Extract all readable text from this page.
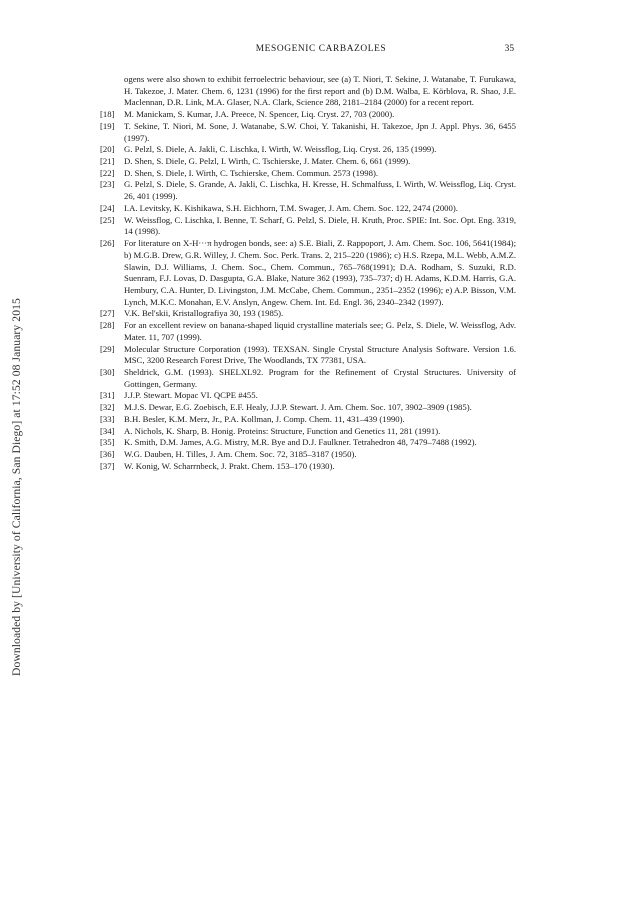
MESOGENIC CARBAZOLES	35
Downloaded by [University of California, San Diego] at 17:52 08 January 2015
ogens were also shown to exhibit ferroelectric behaviour, see (a) T. Niori, T. Sekine, J. Watanabe, T. Furukawa, H. Takezoe, J. Mater. Chem. 6, 1231 (1996) for the first report and (b) D.M. Walba, E. Körblova, R. Shao, J.E. Maclennan, D.R. Link, M.A. Glaser, N.A. Clark, Science 288, 2181–2184 (2000) for a recent report.
[18] M. Manickam, S. Kumar, J.A. Preece, N. Spencer, Liq. Cryst. 27, 703 (2000).
[19] T. Sekine, T. Niori, M. Sone, J. Watanabe, S.W. Choi, Y. Takanishi, H. Takezoe, Jpn J. Appl. Phys. 36, 6455 (1997).
[20] G. Pelzl, S. Diele, A. Jakli, C. Lischka, I. Wirth, W. Weissflog, Liq. Cryst. 26, 135 (1999).
[21] D. Shen, S. Diele, G. Pelzl, I. Wirth, C. Tschierske, J. Mater. Chem. 6, 661 (1999).
[22] D. Shen, S. Diele, I. Wirth, C. Tschierske, Chem. Commun. 2573 (1998).
[23] G. Pelzl, S. Diele, S. Grande, A. Jakli, C. Lischka, H. Kresse, H. Schmalfuss, I. Wirth, W. Weissflog, Liq. Cryst. 26, 401 (1999).
[24] I.A. Levitsky, K. Kishikawa, S.H. Eichhorn, T.M. Swager, J. Am. Chem. Soc. 122, 2474 (2000).
[25] W. Weissflog, C. Lischka, I. Benne, T. Scharf, G. Pelzl, S. Diele, H. Kruth, Proc. SPIE: Int. Soc. Opt. Eng. 3319, 14 (1998).
[26] For literature on X-H···π hydrogen bonds, see: a) S.E. Biali, Z. Rappoport, J. Am. Chem. Soc. 106, 5641(1984); b) M.G.B. Drew, G.R. Willey, J. Chem. Soc. Perk. Trans. 2, 215–220 (1986); c) H.S. Rzepa, M.L. Webb, A.M.Z. Slawin, D.J. Williams, J. Chem. Soc., Chem. Commun., 765–768(1991); D.A. Rodham, S. Suzuki, R.D. Suenram, F.J. Lovas, D. Dasgupta, G.A. Blake, Nature 362 (1993), 735–737; d) H. Adams, K.D.M. Harris, G.A. Hembury, C.A. Hunter, D. Livingston, J.M. McCabe, Chem. Commun., 2351–2352 (1996); e) A.P. Bisson, V.M. Lynch, M.K.C. Monahan, E.V. Anslyn, Angew. Chem. Int. Ed. Engl. 36, 2340–2342 (1997).
[27] V.K. Bel'skii, Kristallografiya 30, 193 (1985).
[28] For an excellent review on banana-shaped liquid crystalline materials see; G. Pelz, S. Diele, W. Weissflog, Adv. Mater. 11, 707 (1999).
[29] Molecular Structure Corporation (1993). TEXSAN. Single Crystal Structure Analysis Software. Version 1.6. MSC, 3200 Research Forest Drive, The Woodlands, TX 77381, USA.
[30] Sheldrick, G.M. (1993). SHELXL92. Program for the Refinement of Crystal Structures. University of Gottingen, Germany.
[31] J.J.P. Stewart. Mopac VI. QCPE #455.
[32] M.J.S. Dewar, E.G. Zoebisch, E.F. Healy, J.J.P. Stewart. J. Am. Chem. Soc. 107, 3902–3909 (1985).
[33] B.H. Besler, K.M. Merz, Jr., P.A. Kollman, J. Comp. Chem. 11, 431–439 (1990).
[34] A. Nichols, K. Sharp, B. Honig. Proteins: Structure, Function and Genetics 11, 281 (1991).
[35] K. Smith, D.M. James, A.G. Mistry, M.R. Bye and D.J. Faulkner. Tetrahedron 48, 7479–7488 (1992).
[36] W.G. Dauben, H. Tilles, J. Am. Chem. Soc. 72, 3185–3187 (1950).
[37] W. Konig, W. Scharrnbeck, J. Prakt. Chem. 153–170 (1930).
